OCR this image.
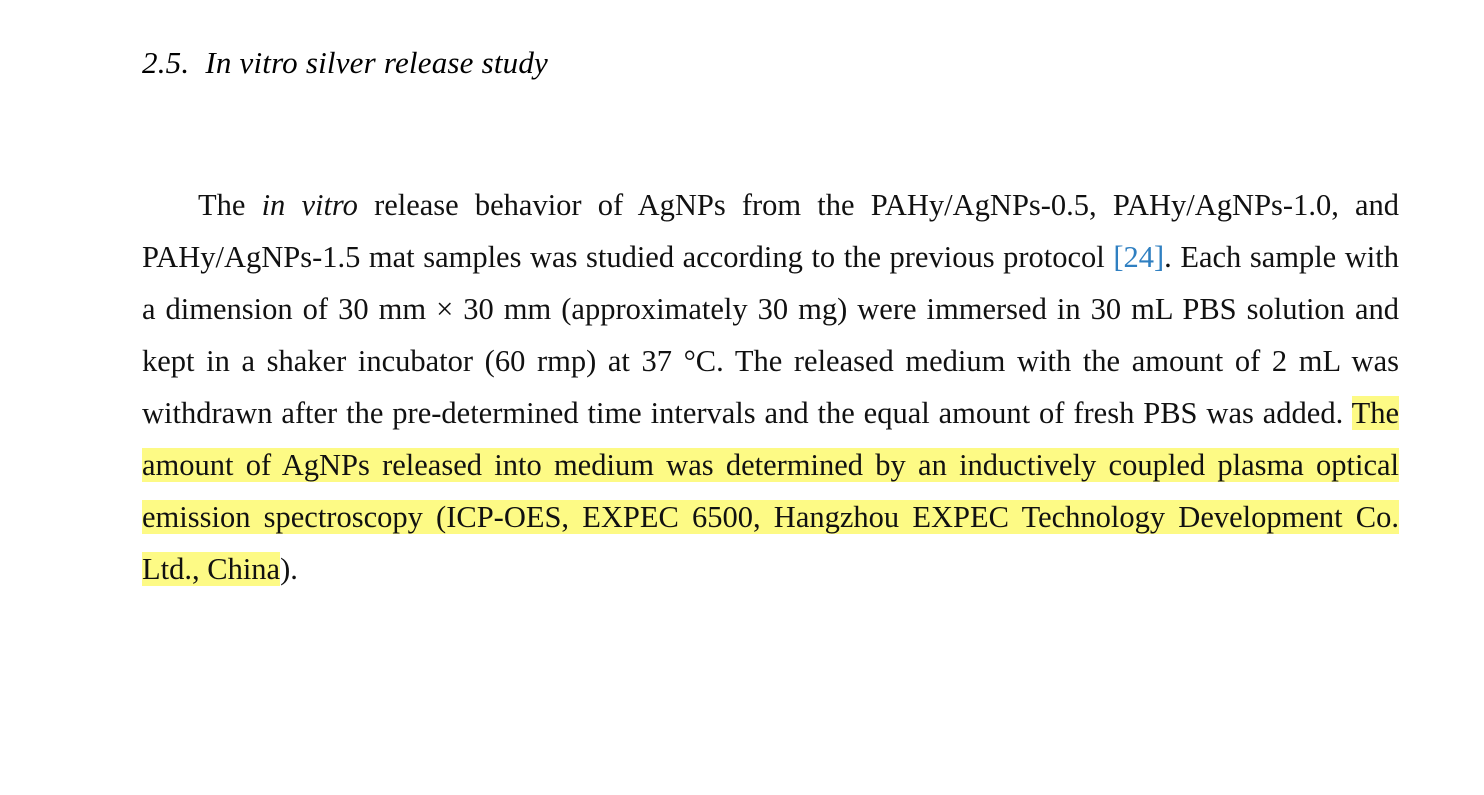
2.5. In vitro silver release study

The in vitro release behavior of AgNPs from the PAHy/AgNPs-0.5, PAHy/AgNPs-1.0, and PAHy/AgNPs-1.5 mat samples was studied according to the previous protocol [24]. Each sample with a dimension of 30 mm × 30 mm (approximately 30 mg) were immersed in 30 mL PBS solution and kept in a shaker incubator (60 rmp) at 37 °C. The released medium with the amount of 2 mL was withdrawn after the pre-determined time intervals and the equal amount of fresh PBS was added. The amount of AgNPs released into medium was determined by an inductively coupled plasma optical emission spectroscopy (ICP-OES, EXPEC 6500, Hangzhou EXPEC Technology Development Co. Ltd., China).
